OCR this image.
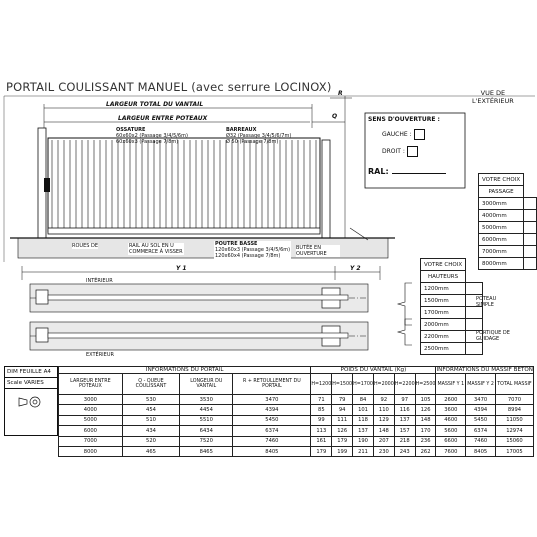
PORTAIL COULISSANT MANUEL (avec serrure LOCINOX)	VUE DE
L'EXTÉRIEUR
LARGEUR TOTAL DU VANTAIL
LARGEUR ENTRE POTEAUX	Q
R
Y 1	Y 2
OSSATURE
60x60x2 (Passage 3/4/5/6m)
60x60x3 (Passage 7/8m)
BARREAUX
Ø32 (Passage 3/4/5/6/7m)
Ø 50 (Passage 7/8m)
RAIL AU SOL EN U
COMMERCE À VISSER
POUTRE BASSE
120x60x3 (Passage 3/4/5/6m)
120x60x4 (Passage 7/8m)
BUTÉE EN OUVERTURE
ROUES DE
INTÉRIEUR
EXTÉRIEUR
POTEAU SIMPLE
PORTIQUE DE GUIDAGE
SENS D'OUVERTURE :
GAUCHE :
DROIT :
RAL:
VOTRE CHOIX	
PASSAGE	
3000mm	
4000mm	
5000mm	
6000mm	
7000mm	
8000mm	
VOTRE CHOIX	
HAUTEURS	
1200mm	
1500mm	
1700mm	
2000mm	
2200mm	
2500mm	
DIM FEUILLE A4
Scale VARIES
INFORMATIONS DU PORTAIL				POIDS DU VANTAIL (Kg)						INFORMATIONS DU MASSIF BETON		
LARGEUR ENTRE POTEAUX	Q - QUEUE COULISSANT	LONGEUR DU VANTAIL	R + RETOULLEMENT DU PORTAIL	H=1200	H=1500	H=1700	H=2000	H=2200	H=2500	MASSIF Y 1	MASSIF Y 2	TOTAL MASSIF
3000	530	3530	3470	71	79	84	92	97	105	2600	3470	7070
4000	454	4454	4394	85	94	101	110	116	126	3600	4394	8994
5000	510	5510	5450	99	111	118	129	137	148	4600	5450	11050
6000	434	6434	6374	113	126	137	148	157	170	5600	6374	12974
7000	520	7520	7460	161	179	190	207	218	236	6600	7460	15060
8000	465	8465	8405	179	199	211	230	243	262	7600	8405	17005
